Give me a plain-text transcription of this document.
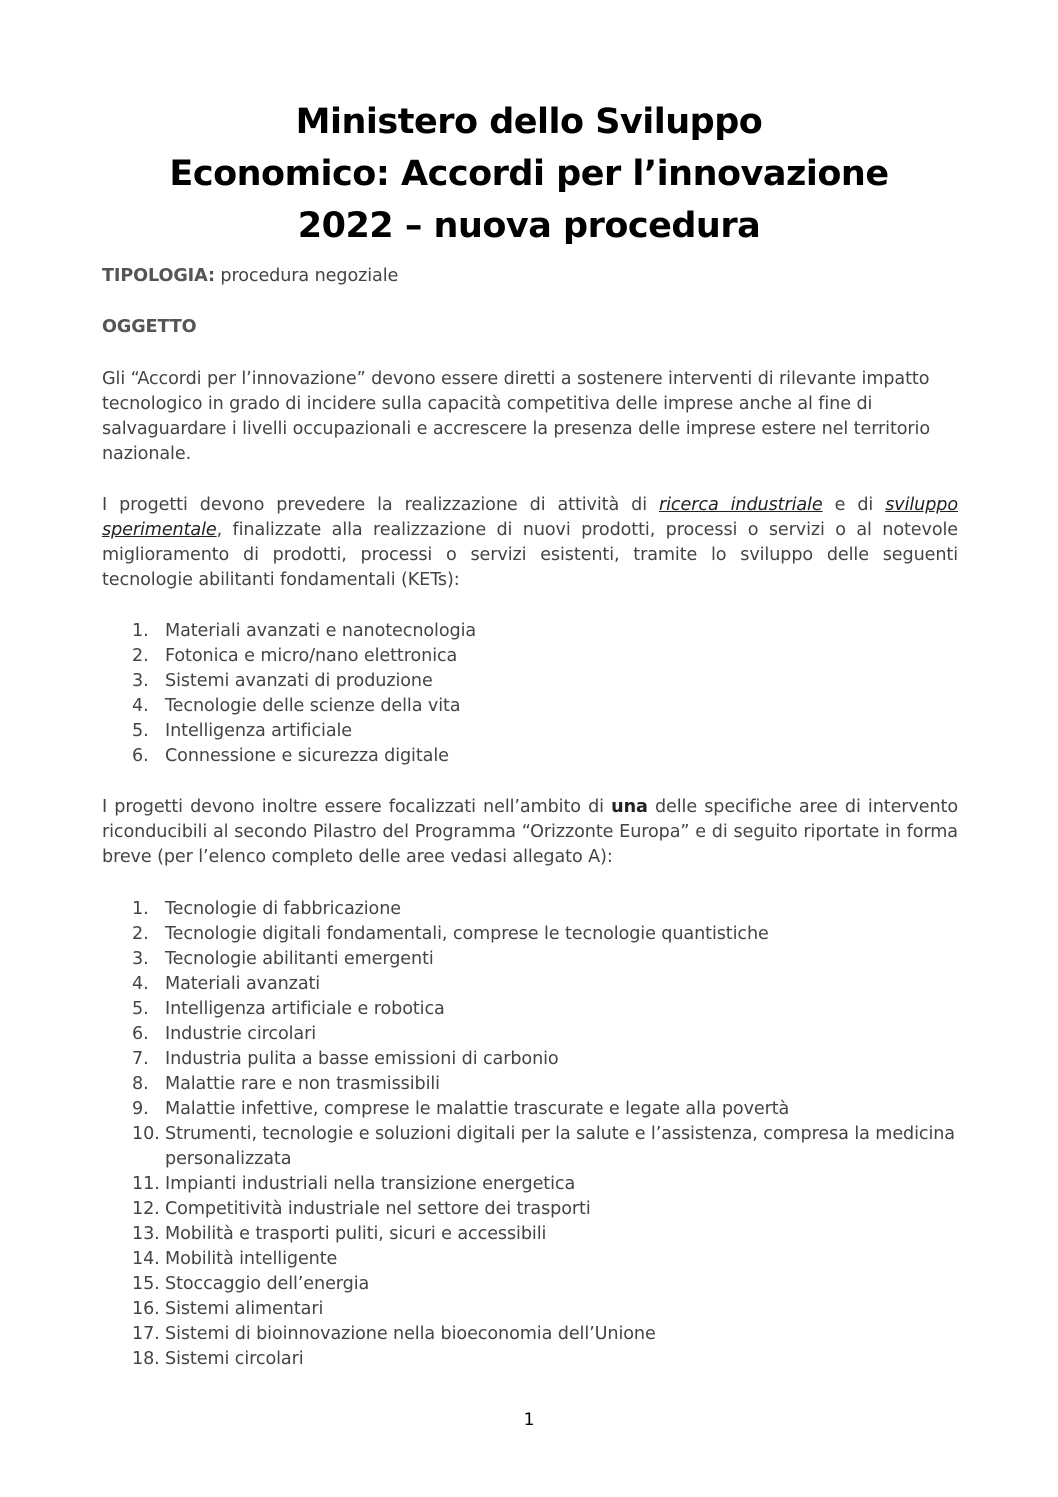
Ministero dello Sviluppo
Economico: Accordi per l’innovazione
2022 – nuova procedura
TIPOLOGIA: procedura negoziale
OGGETTO
Gli “Accordi per l’innovazione” devono essere diretti a sostenere interventi di rilevante impatto tecnologico in grado di incidere sulla capacità competitiva delle imprese anche al fine di salvaguardare i livelli occupazionali e accrescere la presenza delle imprese estere nel territorio nazionale.
I progetti devono prevedere la realizzazione di attività di ricerca industriale e di sviluppo sperimentale, finalizzate alla realizzazione di nuovi prodotti, processi o servizi o al notevole miglioramento di prodotti, processi o servizi esistenti, tramite lo sviluppo delle seguenti tecnologie abilitanti fondamentali (KETs):
1. Materiali avanzati e nanotecnologia
2. Fotonica e micro/nano elettronica
3. Sistemi avanzati di produzione
4. Tecnologie delle scienze della vita
5. Intelligenza artificiale
6. Connessione e sicurezza digitale
I progetti devono inoltre essere focalizzati nell’ambito di una delle specifiche aree di intervento riconducibili al secondo Pilastro del Programma “Orizzonte Europa” e di seguito riportate in forma breve (per l’elenco completo delle aree vedasi allegato A):
1. Tecnologie di fabbricazione
2. Tecnologie digitali fondamentali, comprese le tecnologie quantistiche
3. Tecnologie abilitanti emergenti
4. Materiali avanzati
5. Intelligenza artificiale e robotica
6. Industrie circolari
7. Industria pulita a basse emissioni di carbonio
8. Malattie rare e non trasmissibili
9. Malattie infettive, comprese le malattie trascurate e legate alla povertà
10. Strumenti, tecnologie e soluzioni digitali per la salute e l’assistenza, compresa la medicina personalizzata
11. Impianti industriali nella transizione energetica
12. Competitività industriale nel settore dei trasporti
13. Mobilità e trasporti puliti, sicuri e accessibili
14. Mobilità intelligente
15. Stoccaggio dell’energia
16. Sistemi alimentari
17. Sistemi di bioinnovazione nella bioeconomia dell’Unione
18. Sistemi circolari
1
